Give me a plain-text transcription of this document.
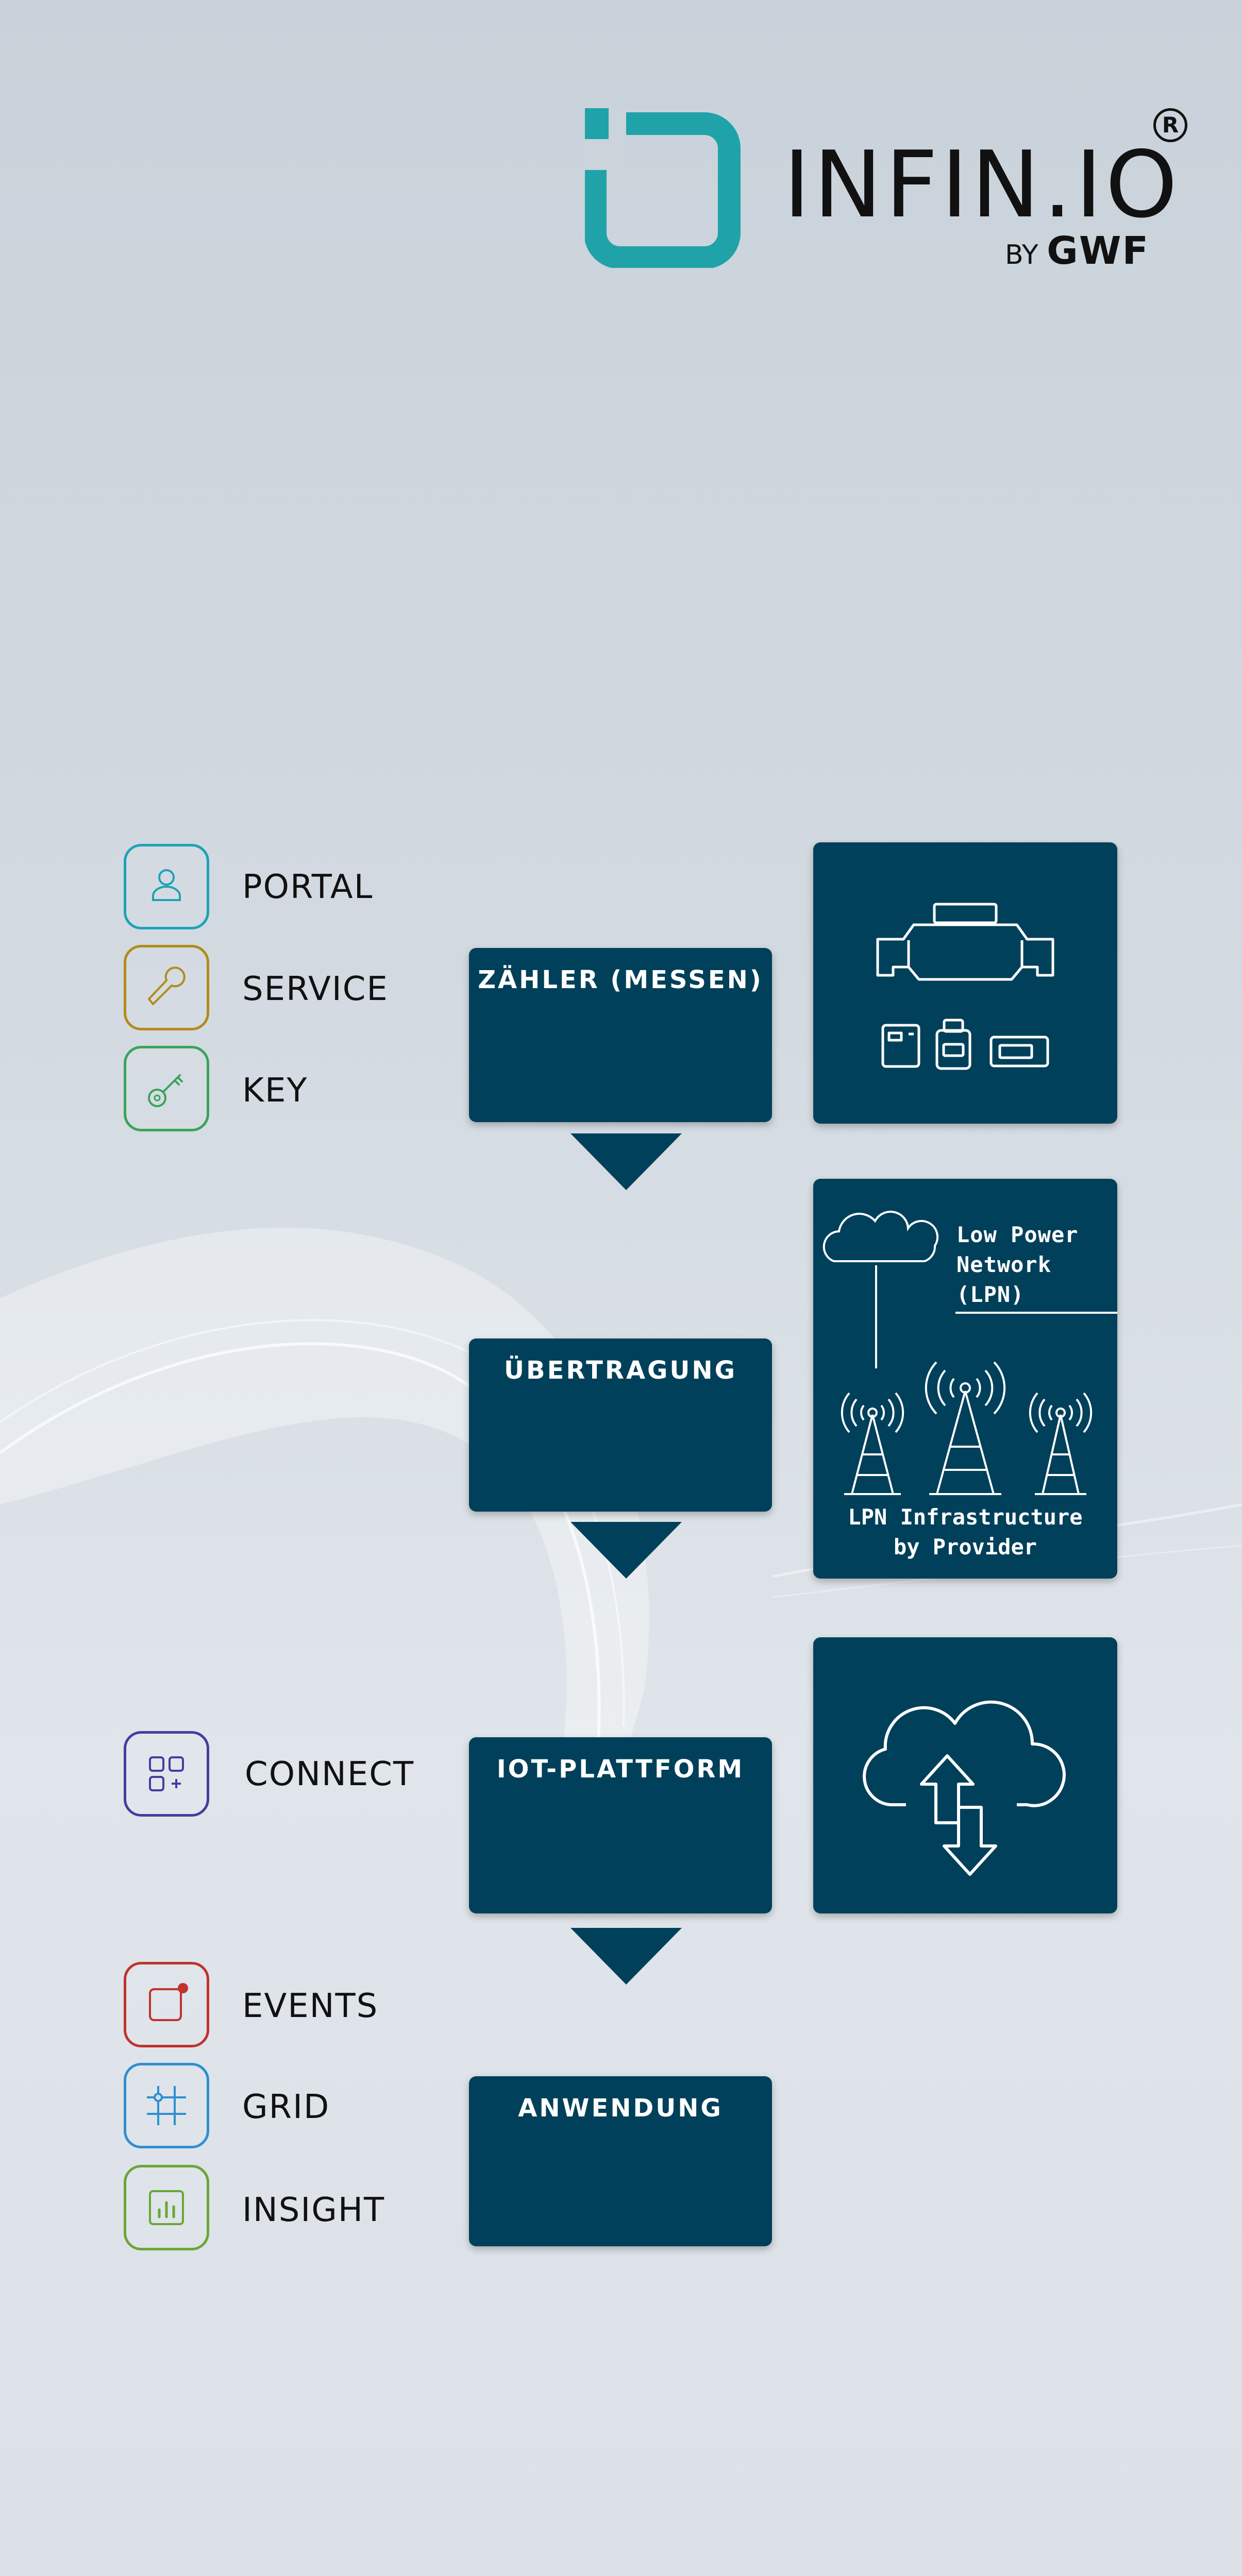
INFIN.IO
R
BY GWF
PORTAL
SERVICE
KEY
CONNECT
EVENTS
GRID
INSIGHT
ZÄHLER (MESSEN)
ÜBERTRAGUNG
IOT-PLATTFORM
ANWENDUNG
Low Power
Network
(LPN)
LPN Infrastructure
by Provider
